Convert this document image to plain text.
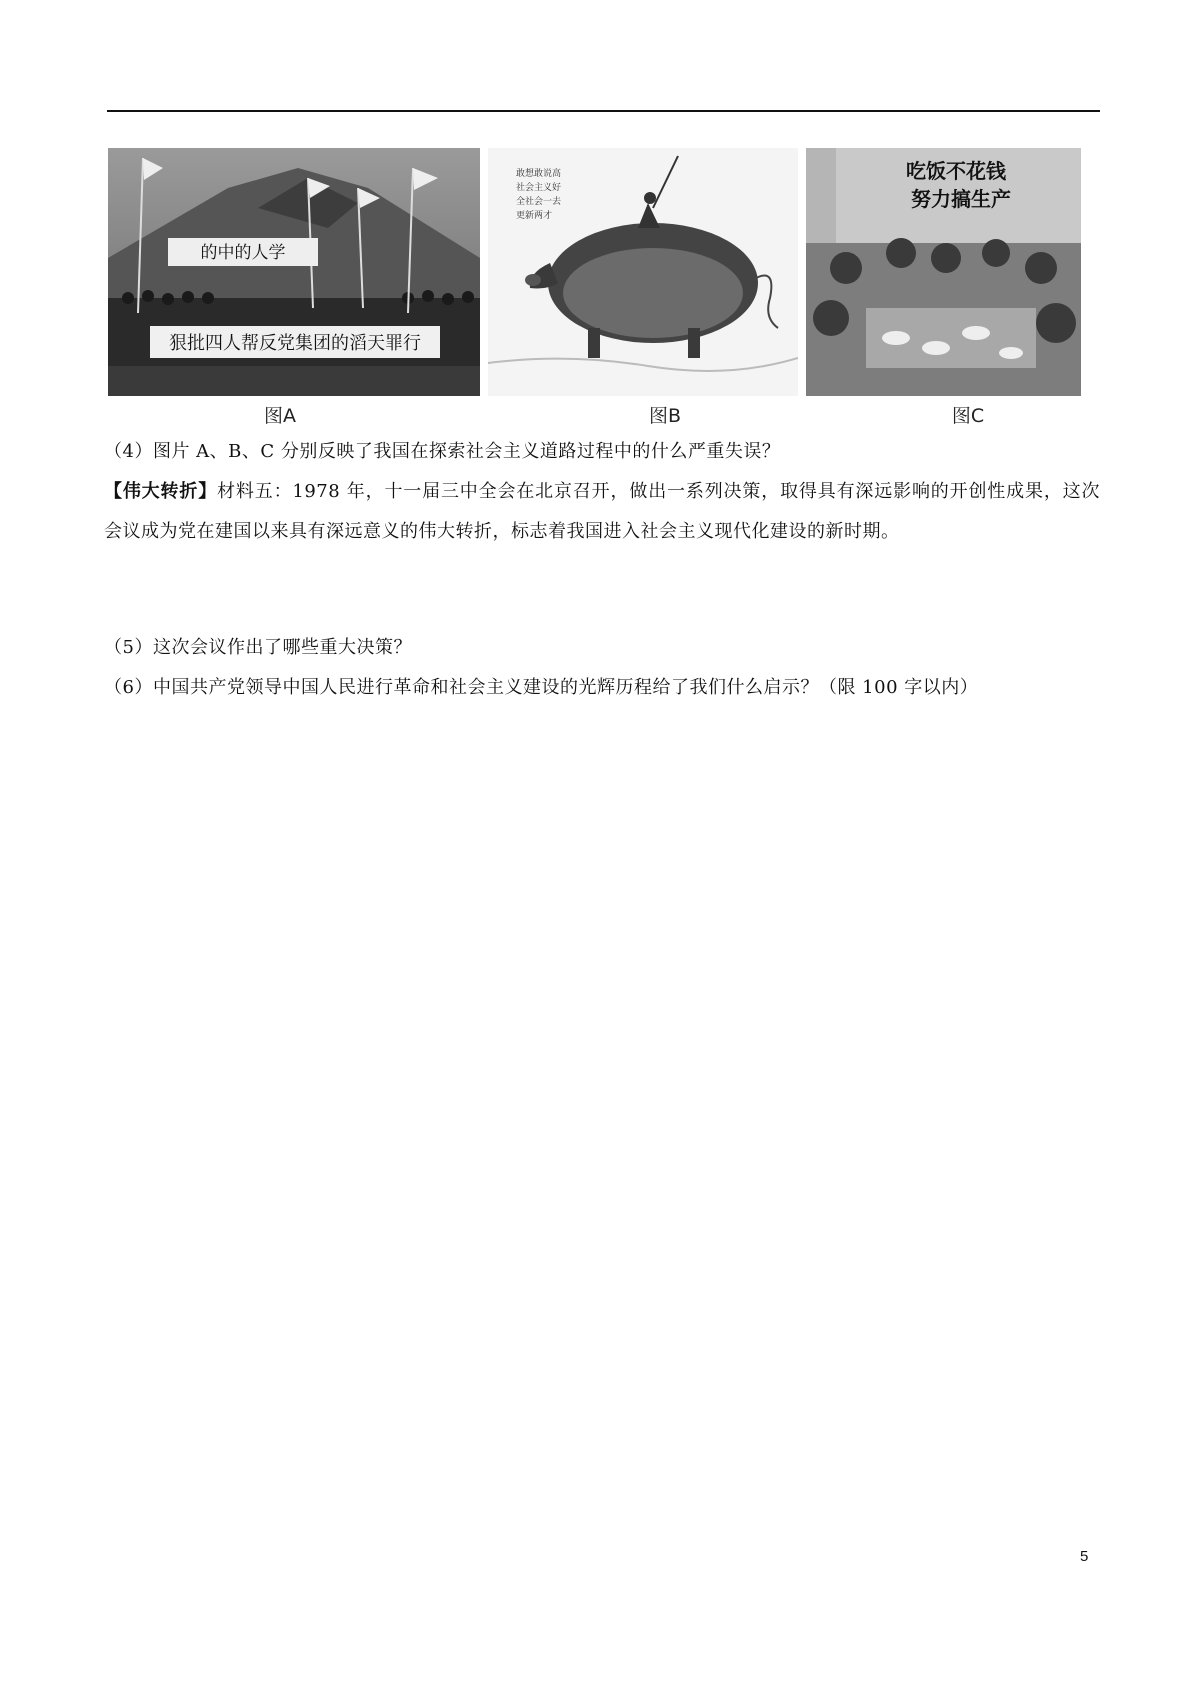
的中的人学
狠批四人帮反党集团的滔天罪行
敢想敢说高
社会主义好
全社会一去
更新两才
吃饭不花钱
努力搞生产
图A	图B	图C
（4）图片 A、B、C 分别反映了我国在探索社会主义道路过程中的什么严重失误？
【伟大转折】材料五：1978 年，十一届三中全会在北京召开，做出一系列决策，取得具有深远影响的开创性成果，这次会议成为党在建国以来具有深远意义的伟大转折，标志着我国进入社会主义现代化建设的新时期。
（5）这次会议作出了哪些重大决策？
（6）中国共产党领导中国人民进行革命和社会主义建设的光辉历程给了我们什么启示？（限 100 字以内）
5
